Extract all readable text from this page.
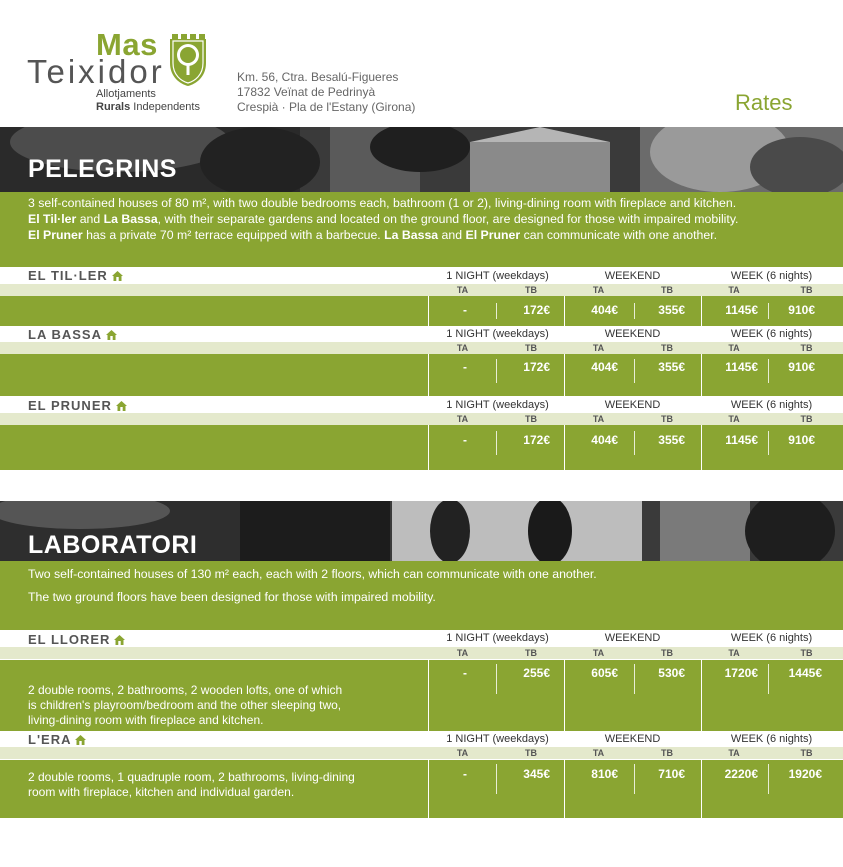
Mas
Teixidor
Allotjaments
Rurals Independents
Km. 56, Ctra. Besalú-Figueres
17832 Veïnat de Pedrinyà
Crespià · Pla de l'Estany (Girona)	Rates
PELEGRINS
3 self-contained houses of 80 m², with two double bedrooms each, bathroom (1 or 2), living-dining room with fireplace and kitchen.
El Til·ler and La Bassa, with their separate gardens and located on the ground floor, are designed for those with impaired mobility.
El Pruner has a private 70 m² terrace equipped with a barbecue. La Bassa and El Pruner can communicate with one another.
EL TIL·LER	1 NIGHT (weekdays)	WEEKEND	WEEK (6 nights)
TA	TB	TA	TB	TA	TB
-	172€	404€	355€	1145€	910€
LA BASSA	1 NIGHT (weekdays)	WEEKEND	WEEK (6 nights)
TA	TB	TA	TB	TA	TB
-	172€	404€	355€	1145€	910€
EL PRUNER	1 NIGHT (weekdays)	WEEKEND	WEEK (6 nights)
TA	TB	TA	TB	TA	TB
-	172€	404€	355€	1145€	910€
LABORATORI
Two self-contained houses of 130 m² each, each with 2 floors, which can communicate with one another.
The two ground floors have been designed for those with impaired mobility.
EL LLORER	1 NIGHT (weekdays)	WEEKEND	WEEK (6 nights)
TA	TB	TA	TB	TA	TB
2 double rooms, 2 bathrooms, 2 wooden lofts, one of which
is children's playroom/bedroom and the other sleeping two,
living-dining room with fireplace and kitchen.
-	255€	605€	530€	1720€	1445€
L'ERA	1 NIGHT (weekdays)	WEEKEND	WEEK (6 nights)
TA	TB	TA	TB	TA	TB
2 double rooms, 1 quadruple room, 2 bathrooms, living-dining
room with fireplace, kitchen and individual garden.
-	345€	810€	710€	2220€	1920€
